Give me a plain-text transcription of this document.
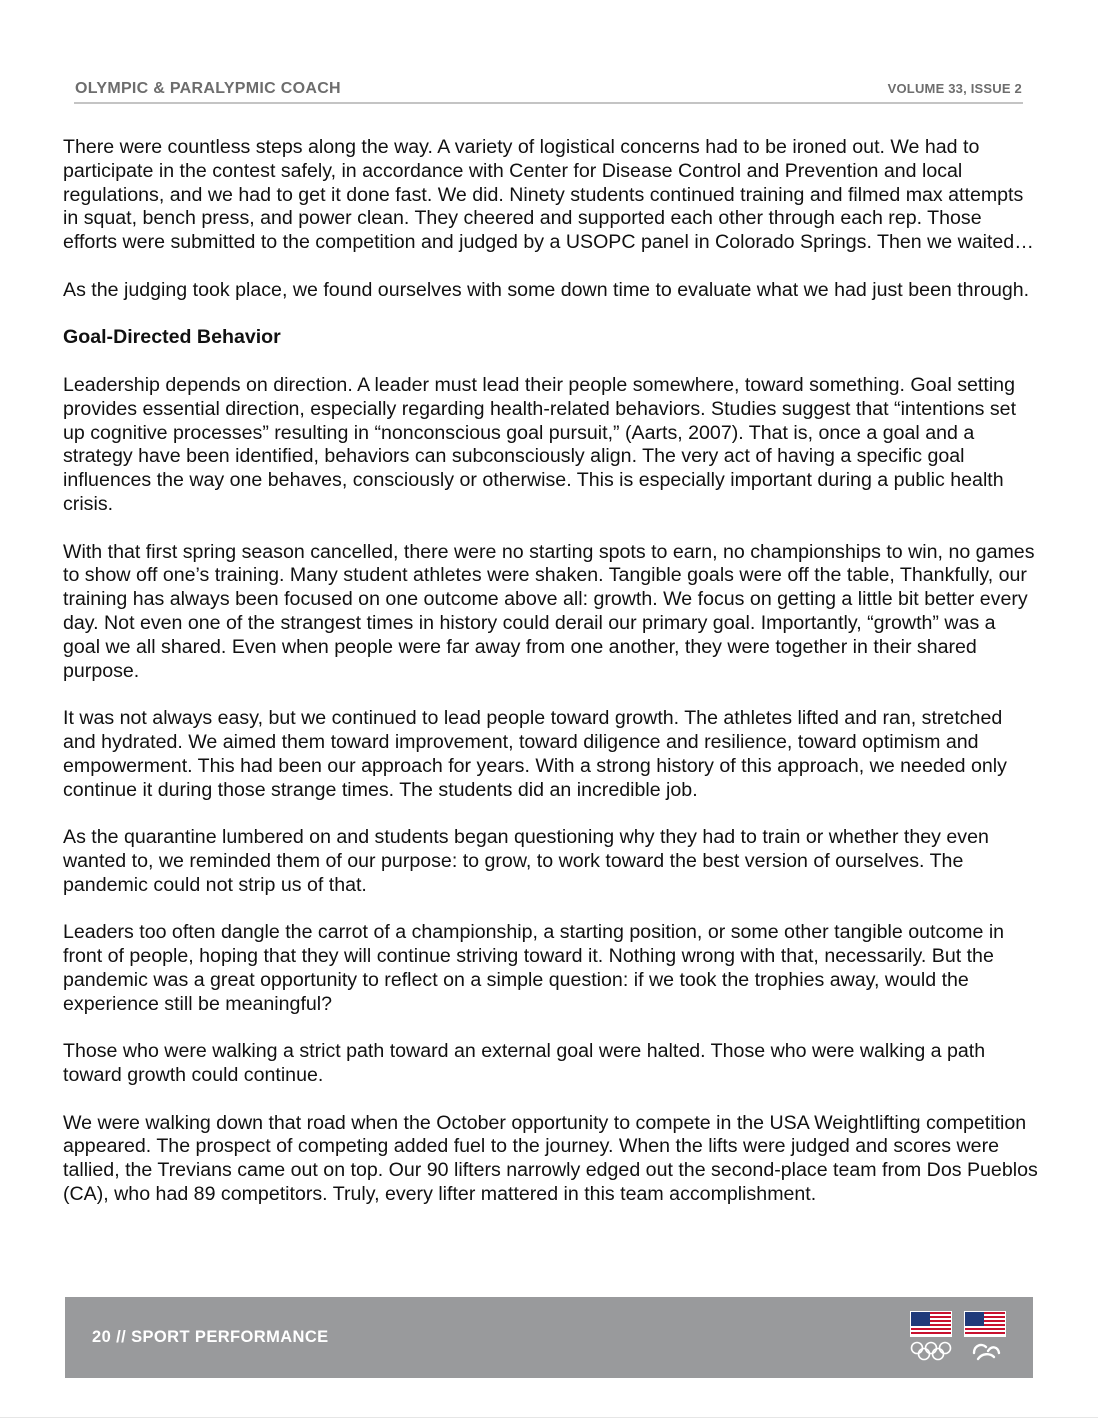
OLYMPIC & PARALYPMIC COACH	VOLUME 33, ISSUE 2

There were countless steps along the way. A variety of logistical concerns had to be ironed out. We had to participate in the contest safely, in accordance with Center for Disease Control and Prevention and local regulations, and we had to get it done fast. We did. Ninety students continued training and filmed max attempts in squat, bench press, and power clean. They cheered and supported each other through each rep. Those efforts were submitted to the competition and judged by a USOPC panel in Colorado Springs. Then we waited…

As the judging took place, we found ourselves with some down time to evaluate what we had just been through.

Goal-Directed Behavior

Leadership depends on direction. A leader must lead their people somewhere, toward something. Goal setting provides essential direction, especially regarding health-related behaviors. Studies suggest that “intentions set up cognitive processes” resulting in “nonconscious goal pursuit,” (Aarts, 2007). That is, once a goal and a strategy have been identified, behaviors can subconsciously align. The very act of having a specific goal influences the way one behaves, consciously or otherwise. This is especially important during a public health crisis.

With that first spring season cancelled, there were no starting spots to earn, no championships to win, no games to show off one’s training. Many student athletes were shaken. Tangible goals were off the table, Thankfully, our training has always been focused on one outcome above all: growth. We focus on getting a little bit better every day. Not even one of the strangest times in history could derail our primary goal. Importantly, “growth” was a goal we all shared. Even when people were far away from one another, they were together in their shared purpose.

It was not always easy, but we continued to lead people toward growth. The athletes lifted and ran, stretched and hydrated. We aimed them toward improvement, toward diligence and resilience, toward optimism and empowerment. This had been our approach for years. With a strong history of this approach, we needed only continue it during those strange times. The students did an incredible job.

As the quarantine lumbered on and students began questioning why they had to train or whether they even wanted to, we reminded them of our purpose: to grow, to work toward the best version of ourselves. The pandemic could not strip us of that.

Leaders too often dangle the carrot of a championship, a starting position, or some other tangible outcome in front of people, hoping that they will continue striving toward it. Nothing wrong with that, necessarily. But the pandemic was a great opportunity to reflect on a simple question: if we took the trophies away, would the experience still be meaningful?

Those who were walking a strict path toward an external goal were halted. Those who were walking a path toward growth could continue.

We were walking down that road when the October opportunity to compete in the USA Weightlifting competition appeared. The prospect of competing added fuel to the journey. When the lifts were judged and scores were tallied, the Trevians came out on top. Our 90 lifters narrowly edged out the second-place team from Dos Pueblos (CA), who had 89 competitors. Truly, every lifter mattered in this team accomplishment.

20 // SPORT PERFORMANCE
